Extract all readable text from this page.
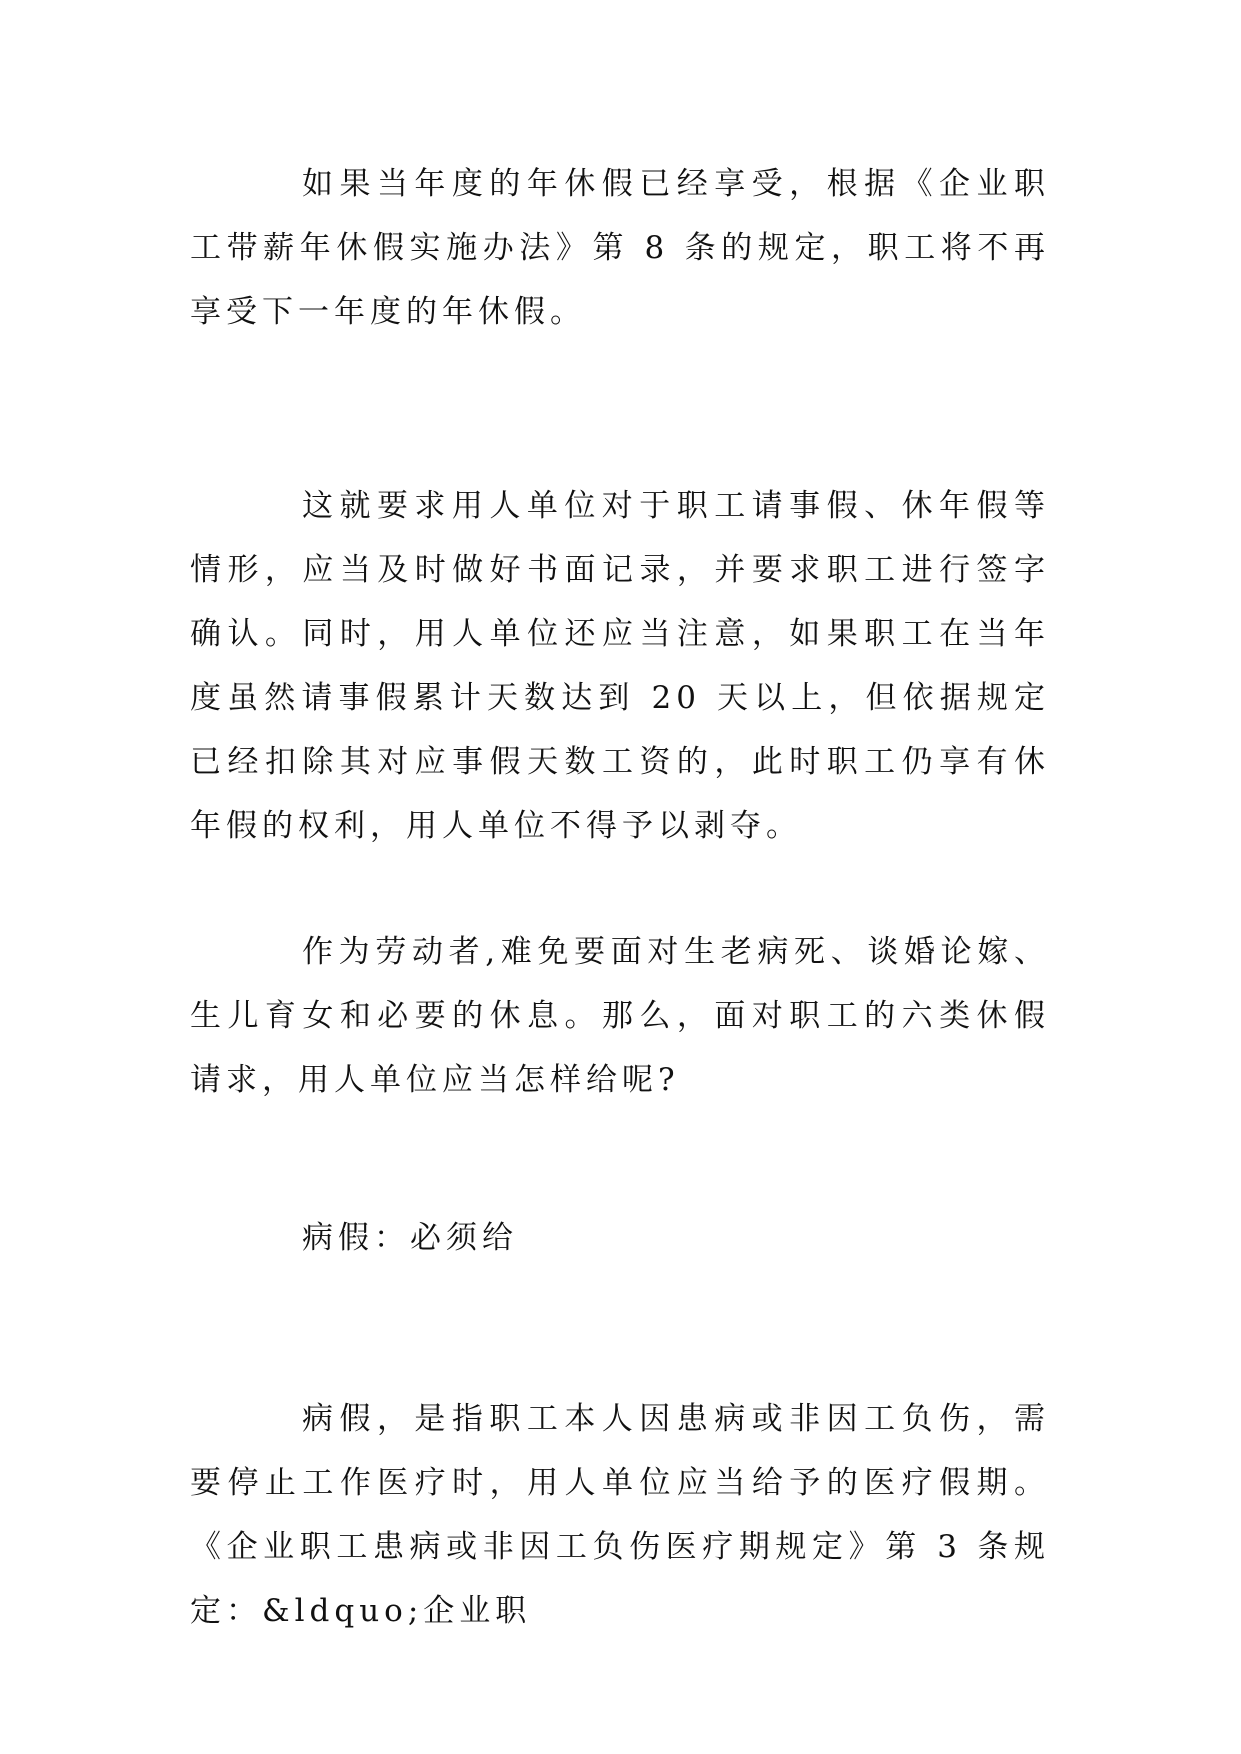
如果当年度的年休假已经享受，根据《企业职工带薪年休假实施办法》第 8 条的规定，职工将不再享受下一年度的年休假。

这就要求用人单位对于职工请事假、休年假等情形，应当及时做好书面记录，并要求职工进行签字确认。同时，用人单位还应当注意，如果职工在当年度虽然请事假累计天数达到 20 天以上，但依据规定已经扣除其对应事假天数工资的，此时职工仍享有休年假的权利，用人单位不得予以剥夺。

作为劳动者,难免要面对生老病死、谈婚论嫁、生儿育女和必要的休息。那么，面对职工的六类休假请求，用人单位应当怎样给呢?

病假：必须给

病假，是指职工本人因患病或非因工负伤，需要停止工作医疗时，用人单位应当给予的医疗假期。《企业职工患病或非因工负伤医疗期规定》第 3 条规定：&ldquo;企业职
